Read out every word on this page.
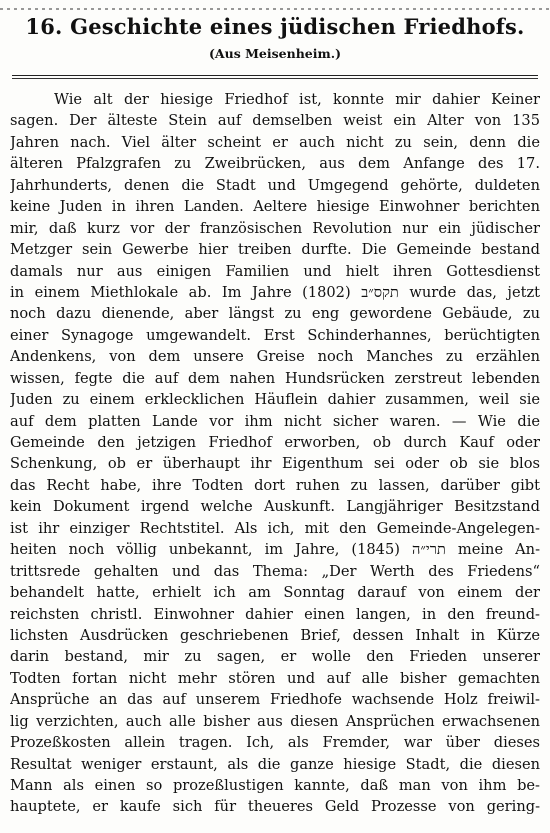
16. Geschichte eines jüdischen Friedhofs.
(Aus Meisenheim.)
Wie alt der hiesige Friedhof ist, konnte mir dahier Keiner
sagen. Der älteste Stein auf demselben weist ein Alter von 135
Jahren nach. Viel älter scheint er auch nicht zu sein, denn die
älteren Pfalzgrafen zu Zweibrücken, aus dem Anfange des 17.
Jahrhunderts, denen die Stadt und Umgegend gehörte, duldeten
keine Juden in ihren Landen. Aeltere hiesige Einwohner berichten
mir, daß kurz vor der französischen Revolution nur ein jüdischer
Metzger sein Gewerbe hier treiben durfte. Die Gemeinde bestand
damals nur aus einigen Familien und hielt ihren Gottesdienst
in einem Miethlokale ab. Im Jahre תקס״ב (1802) wurde das, jetzt
noch dazu dienende, aber längst zu eng gewordene Gebäude, zu
einer Synagoge umgewandelt. Erst Schinderhannes, berüchtigten
Andenkens, von dem unsere Greise noch Manches zu erzählen
wissen, fegte die auf dem nahen Hundsrücken zerstreut lebenden
Juden zu einem erklecklichen Häuflein dahier zusammen, weil sie
auf dem platten Lande vor ihm nicht sicher waren. — Wie die
Gemeinde den jetzigen Friedhof erworben, ob durch Kauf oder
Schenkung, ob er überhaupt ihr Eigenthum sei oder ob sie blos
das Recht habe, ihre Todten dort ruhen zu lassen, darüber gibt
kein Dokument irgend welche Auskunft. Langjähriger Besitzstand
ist ihr einziger Rechtstitel. Als ich, mit den Gemeinde-Angelegen-
heiten noch völlig unbekannt, im Jahre, תרי״ה (1845) meine An-
trittsrede gehalten und das Thema: „Der Werth des Friedens“
behandelt hatte, erhielt ich am Sonntag darauf von einem der
reichsten christl. Einwohner dahier einen langen, in den freund-
lichsten Ausdrücken geschriebenen Brief, dessen Inhalt in Kürze
darin bestand, mir zu sagen, er wolle den Frieden unserer
Todten fortan nicht mehr stören und auf alle bisher gemachten
Ansprüche an das auf unserem Friedhofe wachsende Holz freiwil-
lig verzichten, auch alle bisher aus diesen Ansprüchen erwachsenen
Prozeßkosten allein tragen. Ich, als Fremder, war über dieses
Resultat weniger erstaunt, als die ganze hiesige Stadt, die diesen
Mann als einen so prozeßlustigen kannte, daß man von ihm be-
hauptete, er kaufe sich für theueres Geld Prozesse von gering-
